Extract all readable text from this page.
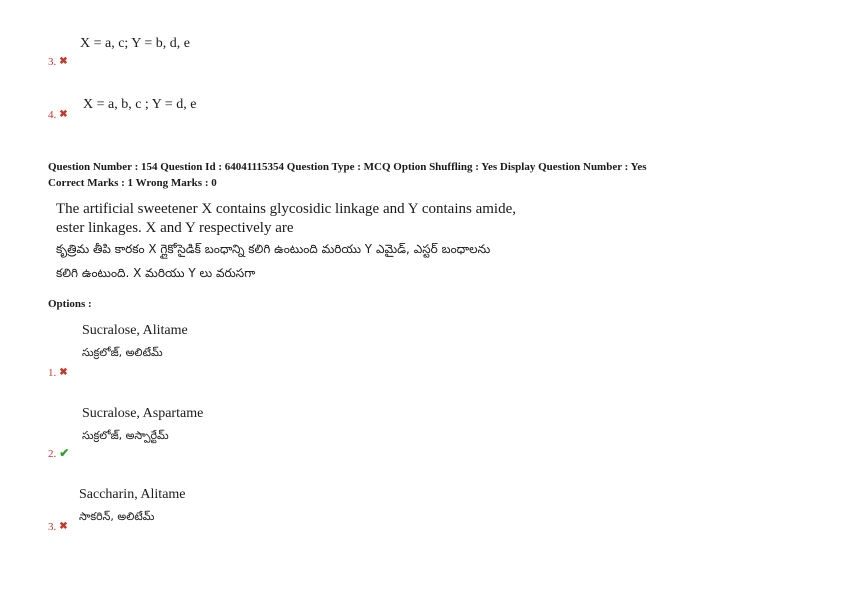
X = a, c; Y = b, d, e
3. ✖
X = a, b, c ; Y = d, e
4. ✖
Question Number : 154 Question Id : 64041115354 Question Type : MCQ Option Shuffling : Yes Display Question Number : Yes
Correct Marks : 1 Wrong Marks : 0
The artificial sweetener X contains glycosidic linkage and Y contains amide,
ester linkages. X and Y respectively are
కృత్రిమ తీపి కారకం X గ్లైకోసైడిక్ బంధాన్ని కలిగి ఉంటుంది మరియు Y ఎమైడ్, ఎస్టర్ బంధాలను
కలిగి ఉంటుంది. X మరియు Y లు వరుసగా
Options :
Sucralose, Alitame
సుక్రలోజ్, అలిటేమ్
1. ✖
Sucralose, Aspartame
సుక్రలోజ్, అస్పార్టేమ్
2. ✔
Saccharin, Alitame
సాకరిన్, అలిటేమ్
3. ✖
